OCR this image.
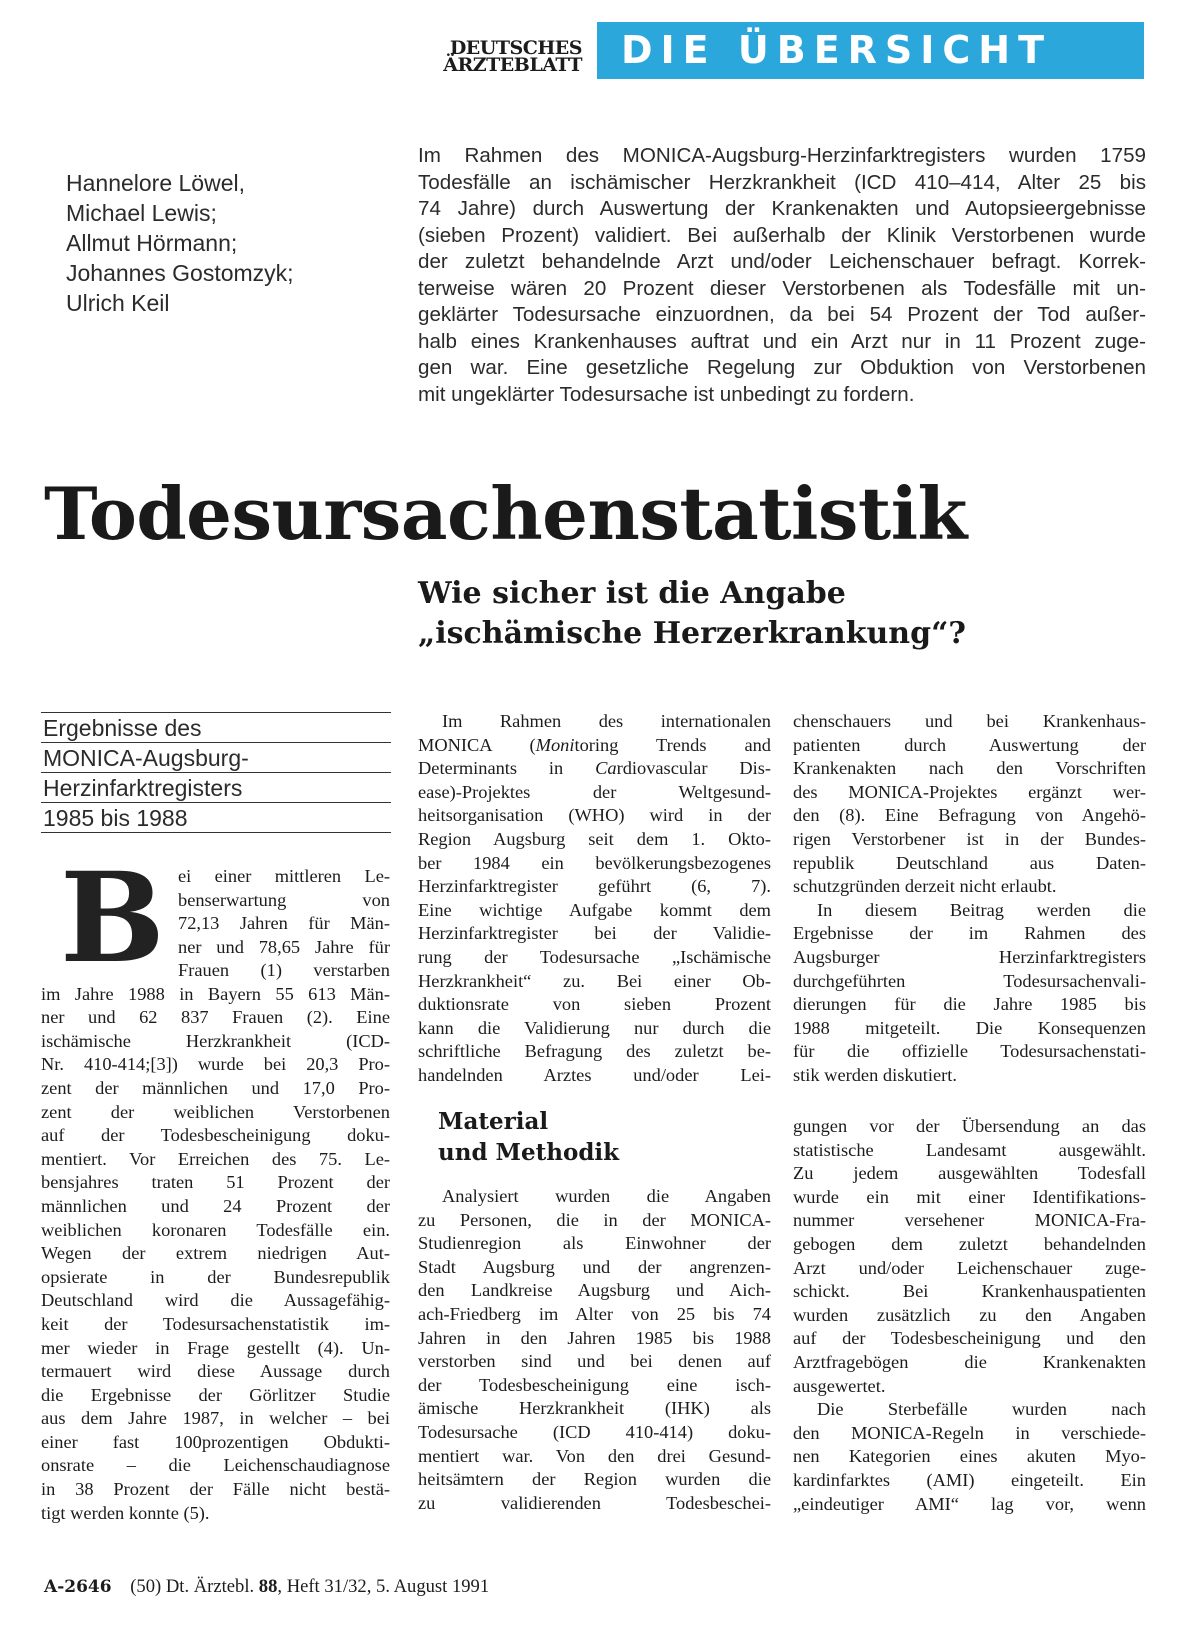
DEUTSCHES
ÄRZTEBLATT	DIE ÜBERSICHT
Hannelore Löwel,
Michael Lewis;
Allmut Hörmann;
Johannes Gostomzyk;
Ulrich Keil
Im Rahmen des MONICA-Augsburg-Herzinfarktregisters wurden 1759
Todesfälle an ischämischer Herzkrankheit (ICD 410–414, Alter 25 bis
74 Jahre) durch Auswertung der Krankenakten und Autopsieergebnisse
(sieben Prozent) validiert. Bei außerhalb der Klinik Verstorbenen wurde
der zuletzt behandelnde Arzt und/oder Leichenschauer befragt. Korrek-
terweise wären 20 Prozent dieser Verstorbenen als Todesfälle mit un-
geklärter Todesursache einzuordnen, da bei 54 Prozent der Tod außer-
halb eines Krankenhauses auftrat und ein Arzt nur in 11 Prozent zuge-
gen war. Eine gesetzliche Regelung zur Obduktion von Verstorbenen
mit ungeklärter Todesursache ist unbedingt zu fordern.
Todesursachenstatistik
Wie sicher ist die Angabe
„ischämische Herzerkrankung“?
Ergebnisse des
MONICA-Augsburg-
Herzinfarktregisters
1985 bis 1988
B ei einer mittleren Le-
benserwartung von
72,13 Jahren für Män-
ner und 78,65 Jahre für
Frauen (1) verstarben
im Jahre 1988 in Bayern 55 613 Män-
ner und 62 837 Frauen (2). Eine
ischämische Herzkrankheit (ICD-
Nr. 410-414;[3]) wurde bei 20,3 Pro-
zent der männlichen und 17,0 Pro-
zent der weiblichen Verstorbenen
auf der Todesbescheinigung doku-
mentiert. Vor Erreichen des 75. Le-
bensjahres traten 51 Prozent der
männlichen und 24 Prozent der
weiblichen koronaren Todesfälle ein.
Wegen der extrem niedrigen Aut-
opsierate in der Bundesrepublik
Deutschland wird die Aussagefähig-
keit der Todesursachenstatistik im-
mer wieder in Frage gestellt (4). Un-
termauert wird diese Aussage durch
die Ergebnisse der Görlitzer Studie
aus dem Jahre 1987, in welcher – bei
einer fast 100prozentigen Obdukti-
onsrate – die Leichenschaudiagnose
in 38 Prozent der Fälle nicht bestä-
tigt werden konnte (5).
Im Rahmen des internationalen
MONICA (Monitoring Trends and
Determinants in Cardiovascular Dis-
ease)-Projektes der Weltgesund-
heitsorganisation (WHO) wird in der
Region Augsburg seit dem 1. Okto-
ber 1984 ein bevölkerungsbezogenes
Herzinfarktregister geführt (6, 7).
Eine wichtige Aufgabe kommt dem
Herzinfarktregister bei der Validie-
rung der Todesursache „Ischämische
Herzkrankheit“ zu. Bei einer Ob-
duktionsrate von sieben Prozent
kann die Validierung nur durch die
schriftliche Befragung des zuletzt be-
handelnden Arztes und/oder Lei-
Material
und Methodik
Analysiert wurden die Angaben
zu Personen, die in der MONICA-
Studienregion als Einwohner der
Stadt Augsburg und der angrenzen-
den Landkreise Augsburg und Aich-
ach-Friedberg im Alter von 25 bis 74
Jahren in den Jahren 1985 bis 1988
verstorben sind und bei denen auf
der Todesbescheinigung eine isch-
ämische Herzkrankheit (IHK) als
Todesursache (ICD 410-414) doku-
mentiert war. Von den drei Gesund-
heitsämtern der Region wurden die
zu validierenden Todesbeschei-
chenschauers und bei Krankenhaus-
patienten durch Auswertung der
Krankenakten nach den Vorschriften
des MONICA-Projektes ergänzt wer-
den (8). Eine Befragung von Angehö-
rigen Verstorbener ist in der Bundes-
republik Deutschland aus Daten-
schutzgründen derzeit nicht erlaubt.
In diesem Beitrag werden die
Ergebnisse der im Rahmen des
Augsburger Herzinfarktregisters
durchgeführten Todesursachenvali-
dierungen für die Jahre 1985 bis
1988 mitgeteilt. Die Konsequenzen
für die offizielle Todesursachenstati-
stik werden diskutiert.
gungen vor der Übersendung an das
statistische Landesamt ausgewählt.
Zu jedem ausgewählten Todesfall
wurde ein mit einer Identifikations-
nummer versehener MONICA-Fra-
gebogen dem zuletzt behandelnden
Arzt und/oder Leichenschauer zuge-
schickt. Bei Krankenhauspatienten
wurden zusätzlich zu den Angaben
auf der Todesbescheinigung und den
Arztfragebögen die Krankenakten
ausgewertet.
Die Sterbefälle wurden nach
den MONICA-Regeln in verschiede-
nen Kategorien eines akuten Myo-
kardinfarktes (AMI) eingeteilt. Ein
„eindeutiger AMI“ lag vor, wenn
A-2646 (50) Dt. Ärztebl. 88, Heft 31/32, 5. August 1991
